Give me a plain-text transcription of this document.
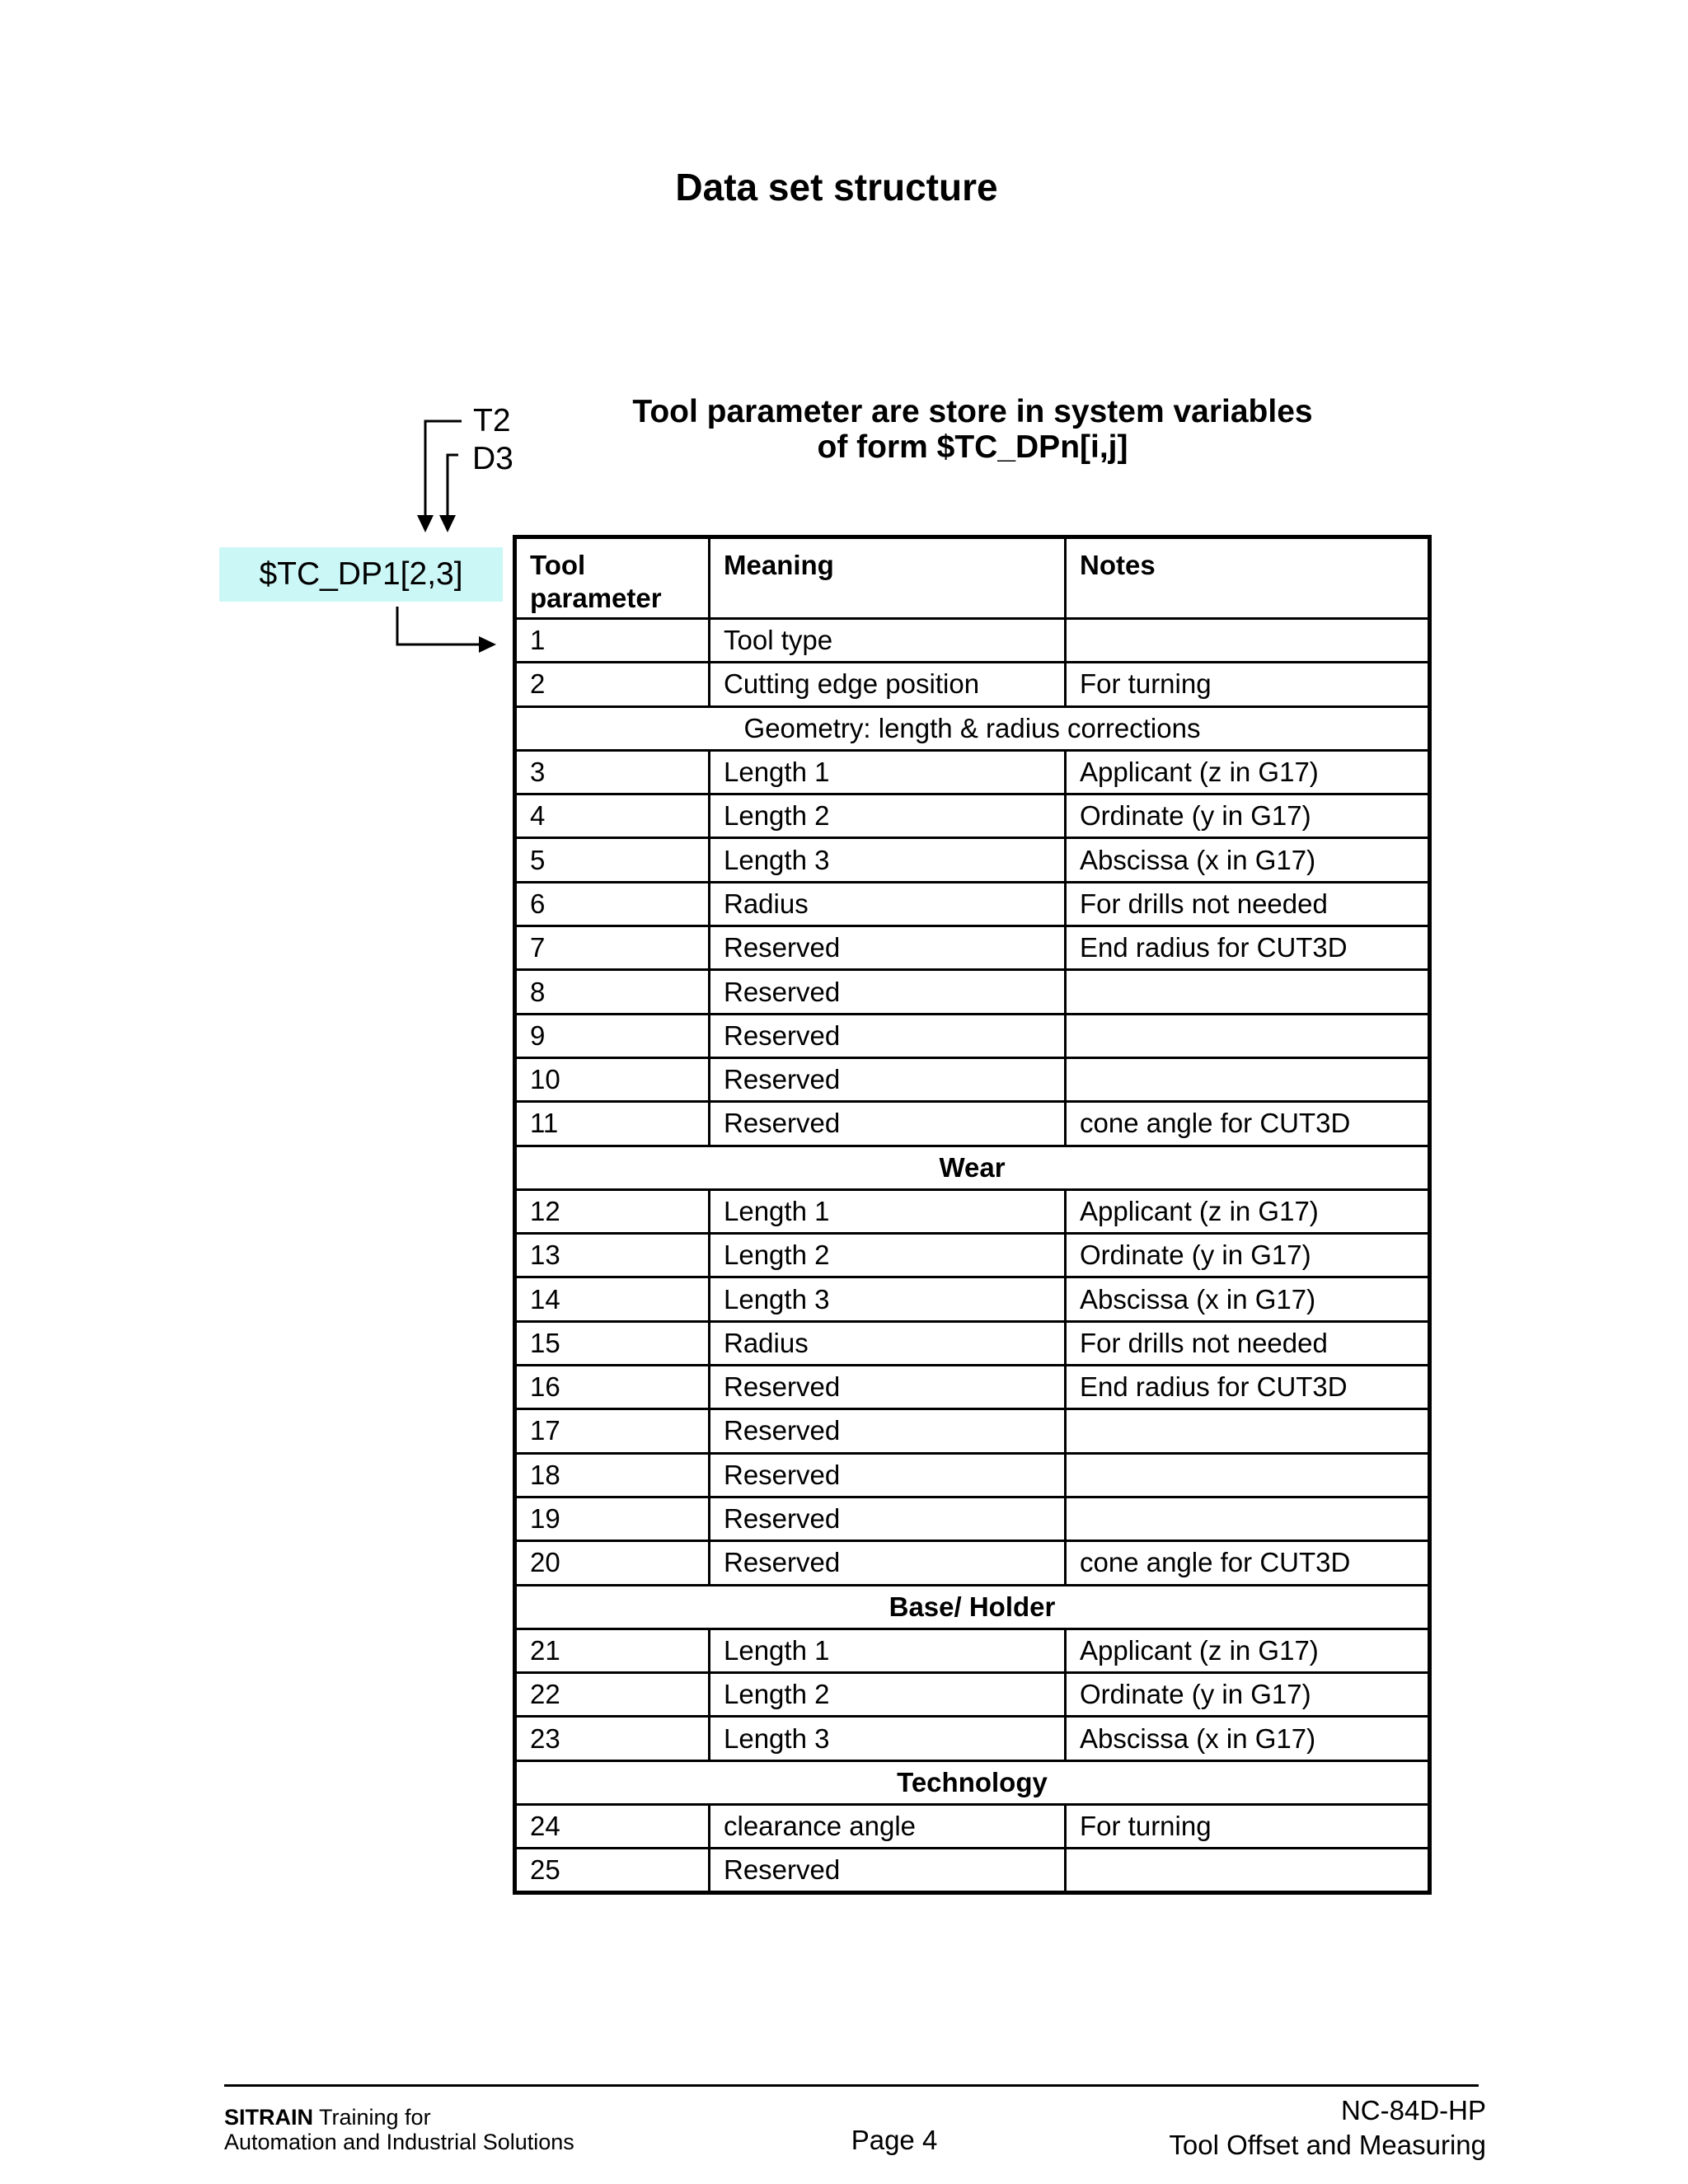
Data set structure
Tool parameter are store in system variables
of form $TC_DPn[i,j]
T2
D3
$TC_DP1[2,3]	Tool parameter	Meaning	Notes
1	Tool type	
2	Cutting edge position	For turning
Geometry: length & radius corrections		
3	Length 1	Applicant (z in G17)
4	Length 2	Ordinate (y in G17)
5	Length 3	Abscissa (x in G17)
6	Radius	For drills not needed
7	Reserved	End radius for CUT3D
8	Reserved	
9	Reserved	
10	Reserved	
11	Reserved	cone angle for CUT3D
Wear		
12	Length 1	Applicant (z in G17)
13	Length 2	Ordinate (y in G17)
14	Length 3	Abscissa (x in G17)
15	Radius	For drills not needed
16	Reserved	End radius for CUT3D
17	Reserved	
18	Reserved	
19	Reserved	
20	Reserved	cone angle for CUT3D
Base/ Holder		
21	Length 1	Applicant (z in G17)
22	Length 2	Ordinate (y in G17)
23	Length 3	Abscissa (x in G17)
Technology		
24	clearance angle	For turning
25	Reserved	
SITRAIN Training for
Automation and Industrial Solutions	Page 4
NC-84D-HP
Tool Offset and Measuring
